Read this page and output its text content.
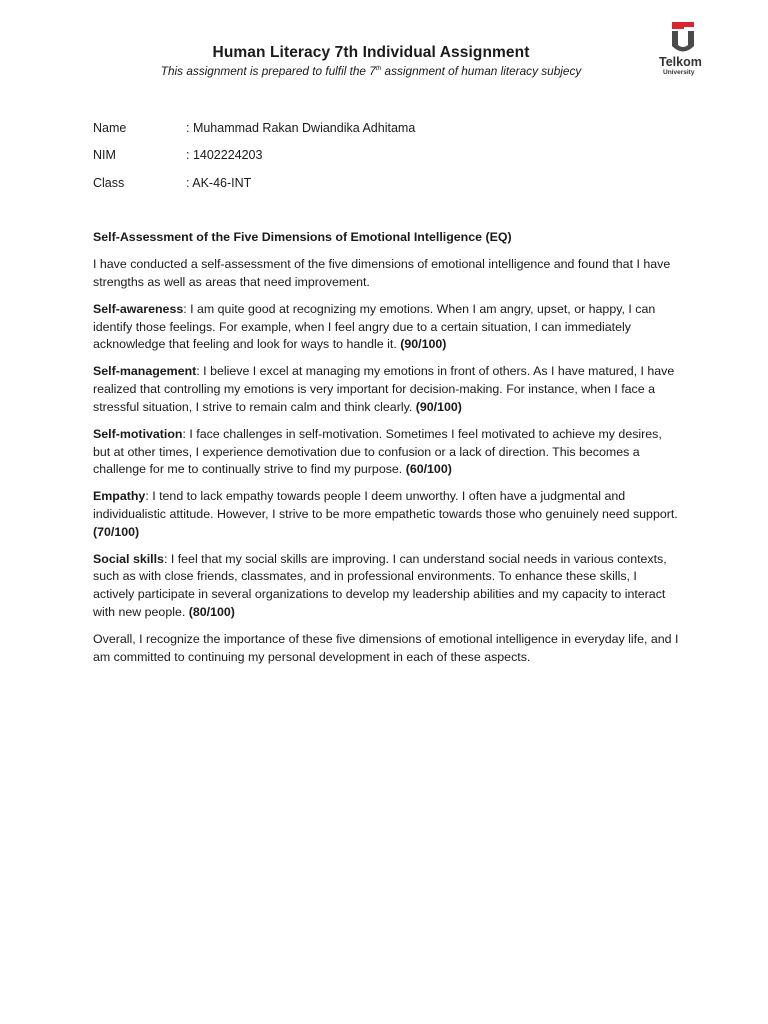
Telkom
University
Human Literacy 7th Individual Assignment
This assignment is prepared to fulfil the 7th assignment of human literacy subjecy
Name	: Muhammad Rakan Dwiandika Adhitama
NIM	: 1402224203
Class	: AK-46-INT

Self-Assessment of the Five Dimensions of Emotional Intelligence (EQ)

I have conducted a self-assessment of the five dimensions of emotional intelligence and found that I have strengths as well as areas that need improvement.

Self-awareness: I am quite good at recognizing my emotions. When I am angry, upset, or happy, I can identify those feelings. For example, when I feel angry due to a certain situation, I can immediately acknowledge that feeling and look for ways to handle it. (90/100)

Self-management: I believe I excel at managing my emotions in front of others. As I have matured, I have realized that controlling my emotions is very important for decision-making. For instance, when I face a stressful situation, I strive to remain calm and think clearly. (90/100)

Self-motivation: I face challenges in self-motivation. Sometimes I feel motivated to achieve my desires, but at other times, I experience demotivation due to confusion or a lack of direction. This becomes a challenge for me to continually strive to find my purpose. (60/100)

Empathy: I tend to lack empathy towards people I deem unworthy. I often have a judgmental and individualistic attitude. However, I strive to be more empathetic towards those who genuinely need support. (70/100)

Social skills: I feel that my social skills are improving. I can understand social needs in various contexts, such as with close friends, classmates, and in professional environments. To enhance these skills, I actively participate in several organizations to develop my leadership abilities and my capacity to interact with new people. (80/100)

Overall, I recognize the importance of these five dimensions of emotional intelligence in everyday life, and I am committed to continuing my personal development in each of these aspects.
